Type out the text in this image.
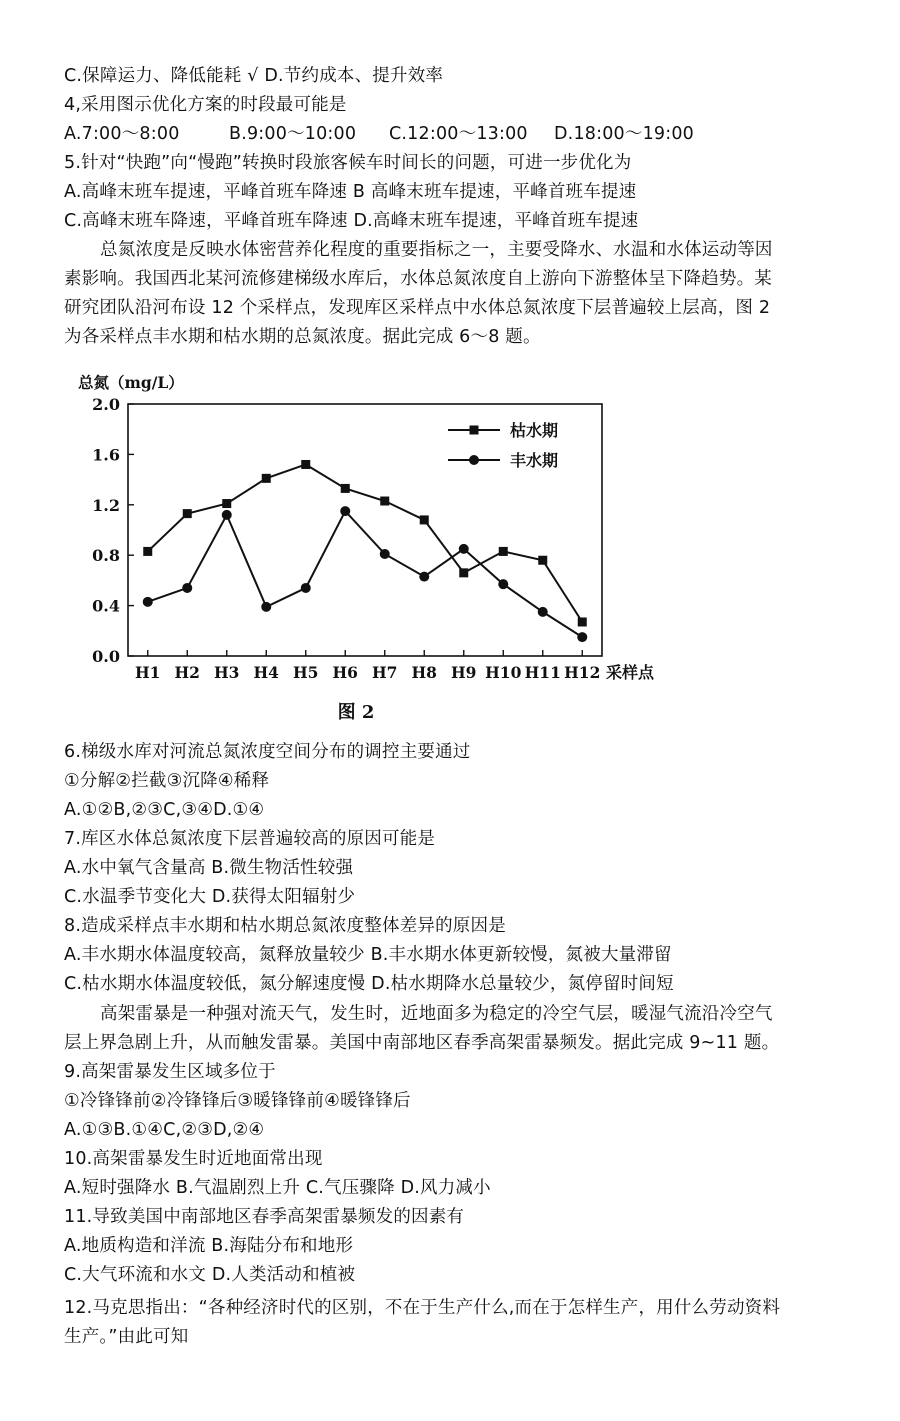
C.保障运力、降低能耗 √ D.节约成本、提升效率
4,采用图示优化方案的时段最可能是
A.7:00～8:00	B.9:00～10:00	C.12:00～13:00	D.18:00～19:00
5.针对“快跑”向“慢跑”转换时段旅客候车时间长的问题，可进一步优化为
A.高峰末班车提速，平峰首班车降速 B 高峰末班车提速，平峰首班车提速
C.高峰末班车降速，平峰首班车降速 D.高峰末班车提速，平峰首班车提速
总氮浓度是反映水体密营养化程度的重要指标之一，主要受降水、水温和水体运动等因
素影响。我国西北某河流修建梯级水库后，水体总氮浓度自上游向下游整体呈下降趋势。某
研究团队沿河布设 12 个采样点，发现库区采样点中水体总氮浓度下层普遍较上层高，图 2
为各采样点丰水期和枯水期的总氮浓度。据此完成 6～8 题。
0.0
0.4
0.8
1.2
1.6
2.0
H1 H2 H3 H4 H5 H6 H7 H8 H9 H10 H11 H12
枯水期
丰水期
总氮（mg/L）
采样点
图 2
6.梯级水库对河流总氮浓度空间分布的调控主要通过
①分解②拦截③沉降④稀释
A.①②B,②③C,③④D.①④
7.库区水体总氮浓度下层普遍较高的原因可能是
A.水中氧气含量高 B.微生物活性较强
C.水温季节变化大 D.获得太阳辐射少
8.造成采样点丰水期和枯水期总氮浓度整体差异的原因是
A.丰水期水体温度较高，氮释放量较少 B.丰水期水体更新较慢，氮被大量滞留
C.枯水期水体温度较低，氮分解速度慢 D.枯水期降水总量较少，氮停留时间短
高架雷暴是一种强对流天气，发生时，近地面多为稳定的冷空气层，暖湿气流沿冷空气
层上界急剧上升，从而触发雷暴。美国中南部地区春季高架雷暴频发。据此完成 9~11 题。
9.高架雷暴发生区域多位于
①冷锋锋前②冷锋锋后③暖锋锋前④暖锋锋后
A.①③B.①④C,②③D,②④
10.高架雷暴发生时近地面常出现
A.短时强降水 B.气温剧烈上升 C.气压骤降 D.风力减小
11.导致美国中南部地区春季高架雷暴频发的因素有
A.地质构造和洋流 B.海陆分布和地形
C.大气环流和水文 D.人类活动和植被
12.马克思指出：“各种经济时代的区别，不在于生产什么,而在于怎样生产，用什么劳动资料
生产。”由此可知
